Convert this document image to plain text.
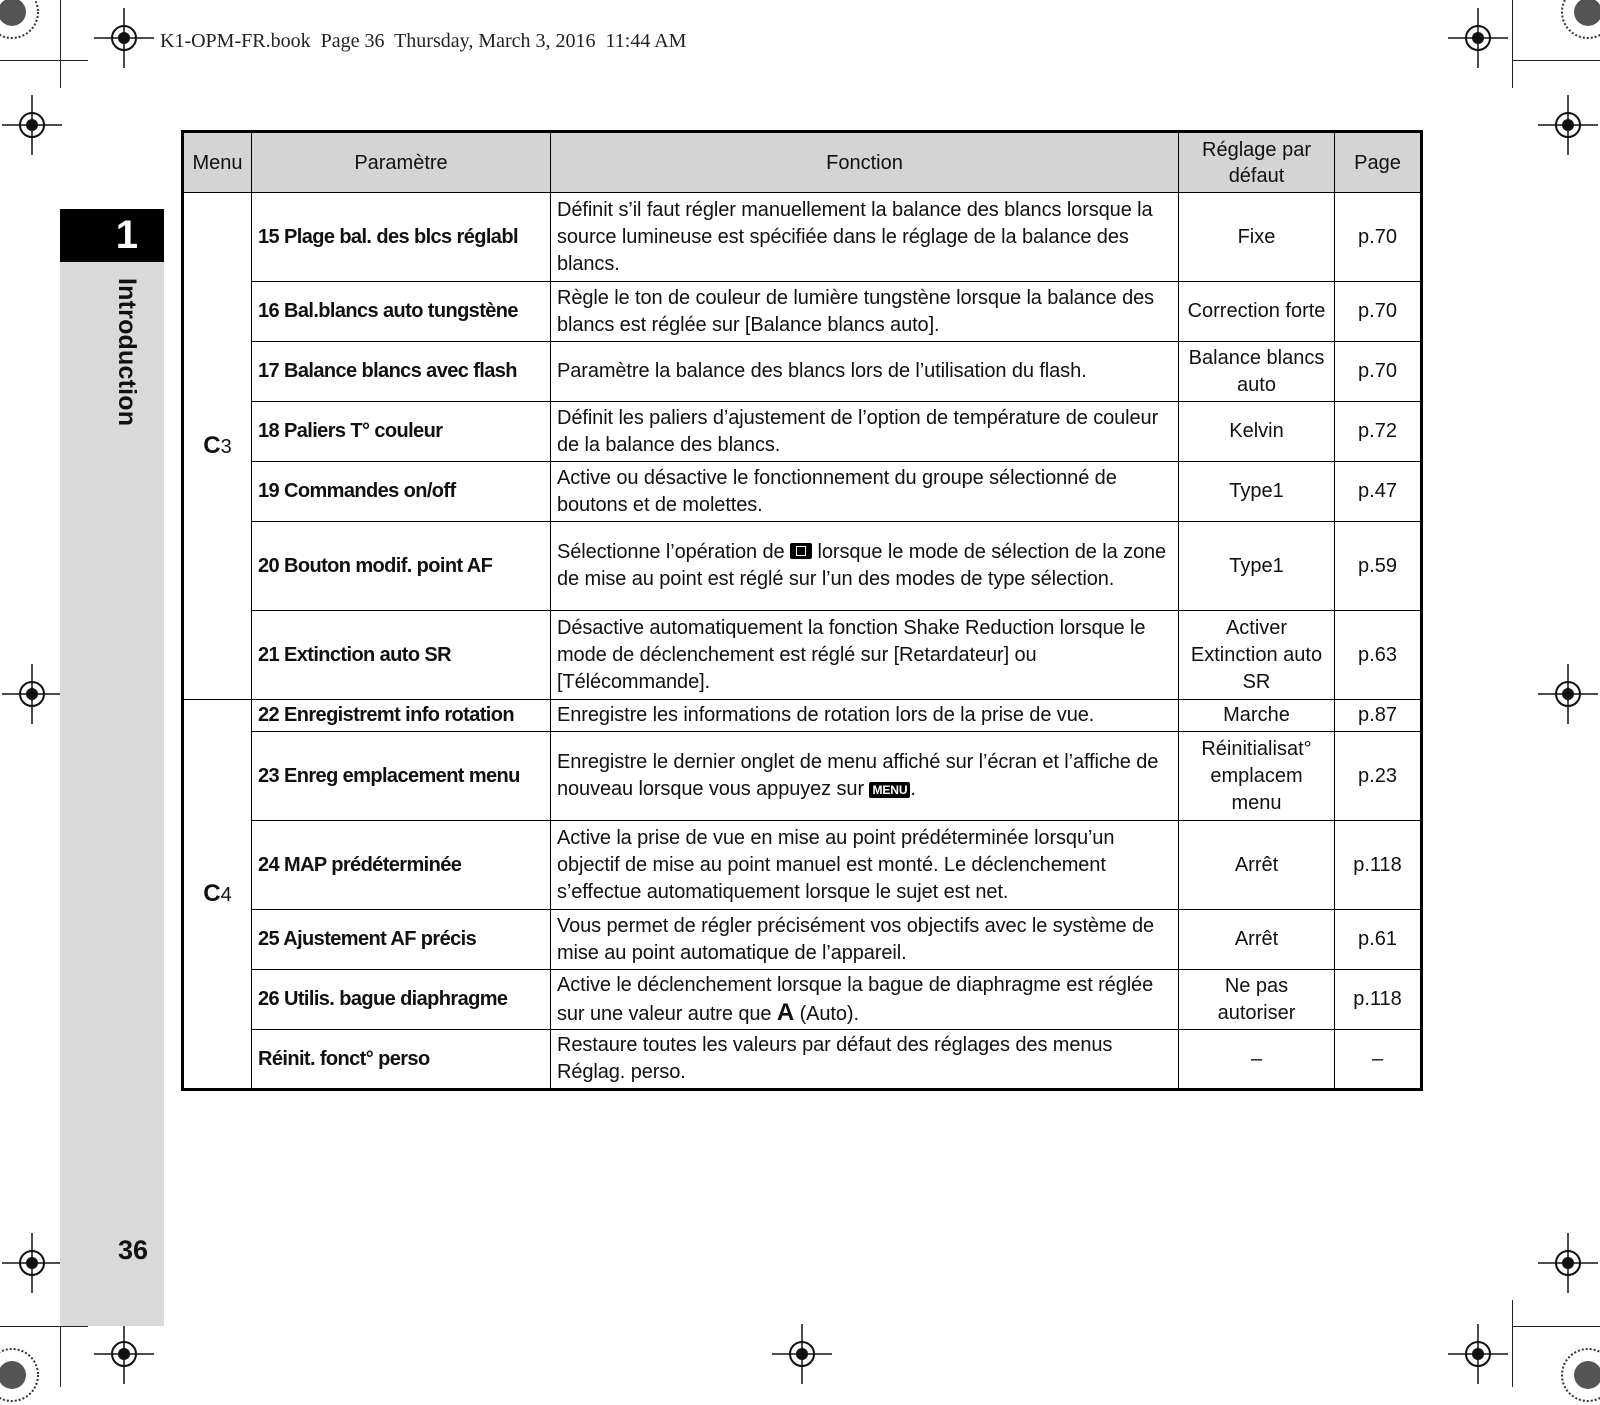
K1-OPM-FR.book  Page 36  Thursday, March 3, 2016  11:44 AM
1
Introduction
36
Menu	Paramètre	Fonction	Réglage par défaut	Page
C3	15 Plage bal. des blcs réglabl	Définit s’il faut régler manuellement la balance des blancs lorsque la source lumineuse est spécifiée dans le réglage de la balance des blancs.	Fixe	p.70
	16 Bal.blancs auto tungstène	Règle le ton de couleur de lumière tungstène lorsque la balance des blancs est réglée sur [Balance blancs auto].	Correction forte	p.70
	17 Balance blancs avec flash	Paramètre la balance des blancs lors de l’utilisation du flash.	Balance blancs auto	p.70
	18 Paliers T° couleur	Définit les paliers d’ajustement de l’option de température de couleur de la balance des blancs.	Kelvin	p.72
	19 Commandes on/off	Active ou désactive le fonctionnement du groupe sélectionné de boutons et de molettes.	Type1	p.47
	20 Bouton modif. point AF	Sélectionne l’opération de lorsque le mode de sélection de la zone de mise au point est réglé sur l’un des modes de type sélection.	Type1	p.59
	21 Extinction auto SR	Désactive automatiquement la fonction Shake Reduction lorsque le mode de déclenchement est réglé sur [Retardateur] ou [Télécommande].	Activer Extinction auto SR	p.63
C4	22 Enregistremt info rotation	Enregistre les informations de rotation lors de la prise de vue.	Marche	p.87
	23 Enreg emplacement menu	Enregistre le dernier onglet de menu affiché sur l’écran et l’affiche de nouveau lorsque vous appuyez sur MENU .	Réinitialisat° emplacem menu	p.23
	24 MAP prédéterminée	Active la prise de vue en mise au point prédéterminée lorsqu’un objectif de mise au point manuel est monté. Le déclenchement s’effectue automatiquement lorsque le sujet est net.	Arrêt	p.118
	25 Ajustement AF précis	Vous permet de régler précisément vos objectifs avec le système de mise au point automatique de l’appareil.	Arrêt	p.61
	26 Utilis. bague diaphragme	Active le déclenchement lorsque la bague de diaphragme est réglée sur une valeur autre que A (Auto).	Ne pas autoriser	p.118
	Réinit. fonct° perso	Restaure toutes les valeurs par défaut des réglages des menus Réglag. perso.	–	–
